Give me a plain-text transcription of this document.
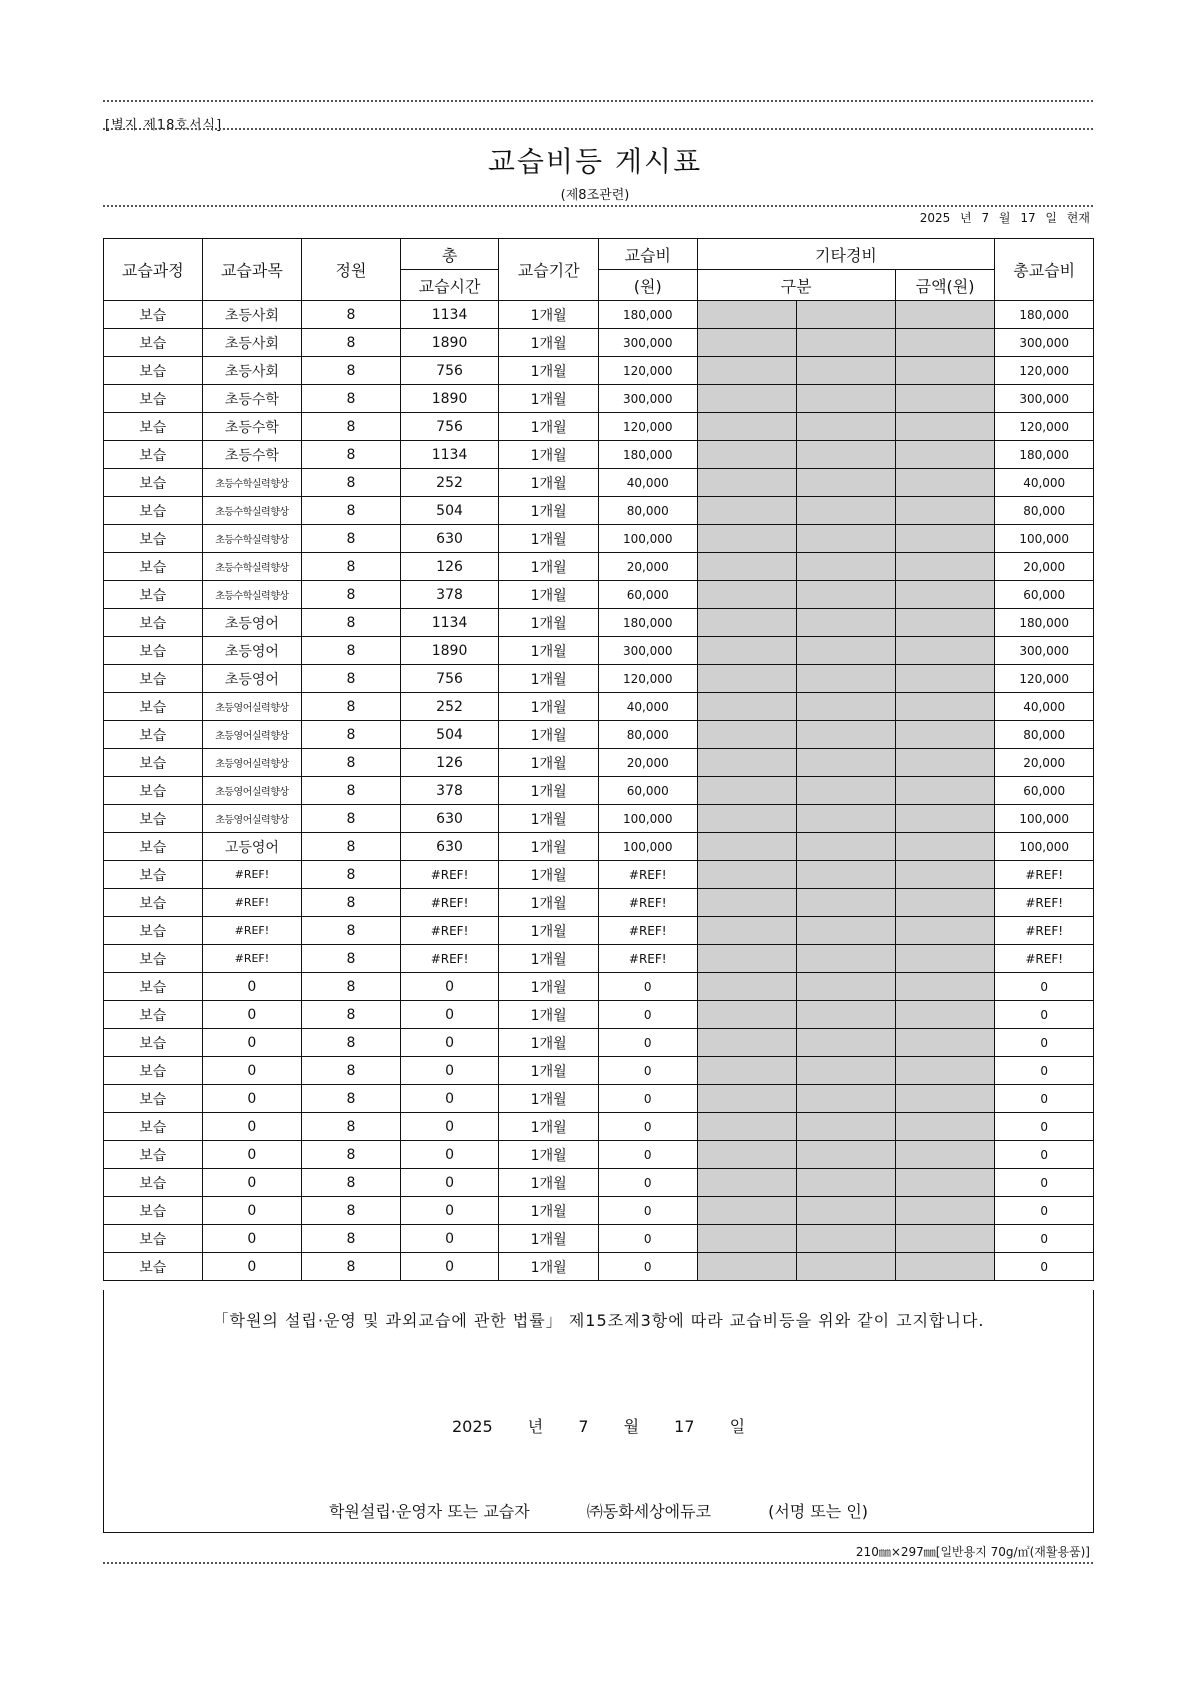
[별지 제18호서식]
교습비등 게시표
(제8조관련)
2025 년 7 월 17 일 현재
교습과정	교습과목	정원	총	교습기간	교습비	기타경비			총교습비
			교습시간		(원)	구분		금액(원)	
보습	초등사회	8	1134	1개월	180,000				180,000
보습	초등사회	8	1890	1개월	300,000				300,000
보습	초등사회	8	756	1개월	120,000				120,000
보습	초등수학	8	1890	1개월	300,000				300,000
보습	초등수학	8	756	1개월	120,000				120,000
보습	초등수학	8	1134	1개월	180,000				180,000
보습	초등수학실력향상	8	252	1개월	40,000				40,000
보습	초등수학실력향상	8	504	1개월	80,000				80,000
보습	초등수학실력향상	8	630	1개월	100,000				100,000
보습	초등수학실력향상	8	126	1개월	20,000				20,000
보습	초등수학실력향상	8	378	1개월	60,000				60,000
보습	초등영어	8	1134	1개월	180,000				180,000
보습	초등영어	8	1890	1개월	300,000				300,000
보습	초등영어	8	756	1개월	120,000				120,000
보습	초등영어실력향상	8	252	1개월	40,000				40,000
보습	초등영어실력향상	8	504	1개월	80,000				80,000
보습	초등영어실력향상	8	126	1개월	20,000				20,000
보습	초등영어실력향상	8	378	1개월	60,000				60,000
보습	초등영어실력향상	8	630	1개월	100,000				100,000
보습	고등영어	8	630	1개월	100,000				100,000
보습	#REF!	8	#REF!	1개월	#REF!				#REF!
보습	#REF!	8	#REF!	1개월	#REF!				#REF!
보습	#REF!	8	#REF!	1개월	#REF!				#REF!
보습	#REF!	8	#REF!	1개월	#REF!				#REF!
보습	0	8	0	1개월	0				0
보습	0	8	0	1개월	0				0
보습	0	8	0	1개월	0				0
보습	0	8	0	1개월	0				0
보습	0	8	0	1개월	0				0
보습	0	8	0	1개월	0				0
보습	0	8	0	1개월	0				0
보습	0	8	0	1개월	0				0
보습	0	8	0	1개월	0				0
보습	0	8	0	1개월	0				0
보습	0	8	0	1개월	0				0
「학원의 설립·운영 및 과외교습에 관한 법률」 제15조제3항에 따라 교습비등을 위와 같이 고지합니다.
2025 년 7 월 17 일
학원설립·운영자 또는 교습자	㈜동화세상에듀코	(서명 또는 인)
210㎜×297㎜[일반용지 70g/㎡(재활용품)]
